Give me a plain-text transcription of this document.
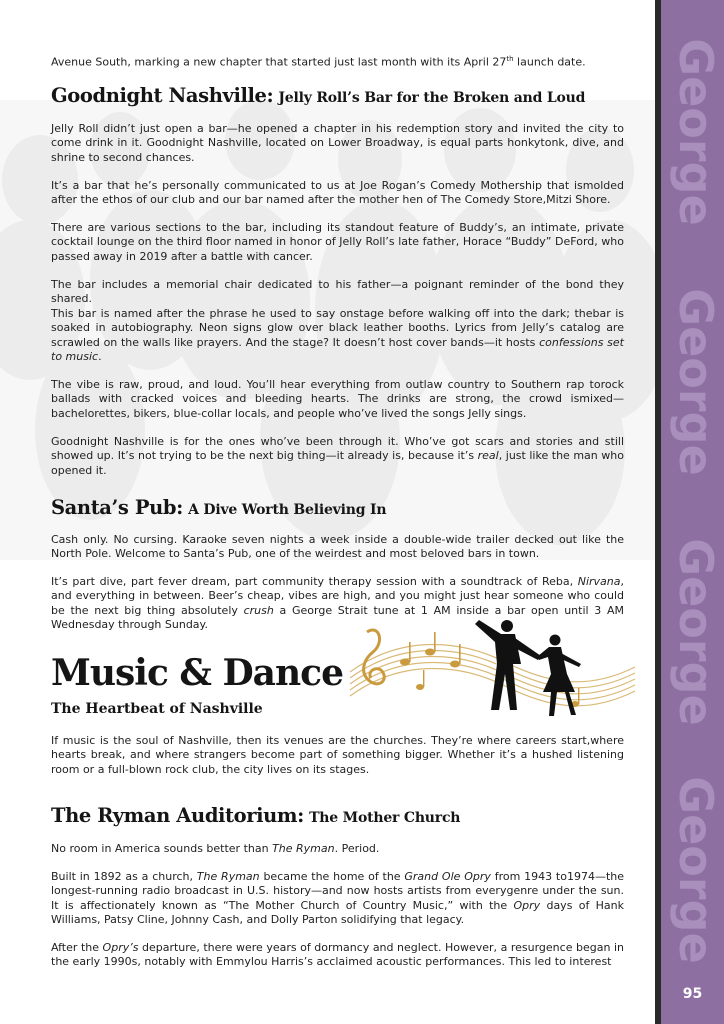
Avenue South, marking a new chapter that started just last month with its April 27th launch date.

Goodnight Nashville: Jelly Roll’s Bar for the Broken and Loud

Jelly Roll didn’t just open a bar—he opened a chapter in his redemption story and invited the city to come drink in it. Goodnight Nashville, located on Lower Broadway, is equal parts honkytonk, dive, and shrine to second chances.

It’s a bar that he’s personally communicated to us at Joe Rogan’s Comedy Mothership that ismolded after the ethos of our club and our bar named after the mother hen of The Comedy Store,Mitzi Shore.

There are various sections to the bar, including its standout feature of Buddy’s, an intimate, private cocktail lounge on the third floor named in honor of Jelly Roll’s late father, Horace “Buddy” DeFord, who passed away in 2019 after a battle with cancer.

The bar includes a memorial chair dedicated to his father—a poignant reminder of the bond they shared.

This bar is named after the phrase he used to say onstage before walking off into the dark; thebar is soaked in autobiography. Neon signs glow over black leather booths. Lyrics from Jelly’s catalog are scrawled on the walls like prayers. And the stage? It doesn’t host cover bands—it hosts confessions set to music.

The vibe is raw, proud, and loud. You’ll hear everything from outlaw country to Southern rap torock ballads with cracked voices and bleeding hearts. The drinks are strong, the crowd ismixed—bachelorettes, bikers, blue-collar locals, and people who’ve lived the songs Jelly sings.

Goodnight Nashville is for the ones who’ve been through it. Who’ve got scars and stories and still showed up. It’s not trying to be the next big thing—it already is, because it’s real, just like the man who opened it.

Santa’s Pub: A Dive Worth Believing In

Cash only. No cursing. Karaoke seven nights a week inside a double-wide trailer decked out like the North Pole. Welcome to Santa’s Pub, one of the weirdest and most beloved bars in town.

It’s part dive, part fever dream, part community therapy session with a soundtrack of Reba, Nirvana, and everything in between. Beer’s cheap, vibes are high, and you might just hear someone who could be the next big thing absolutely crush a George Strait tune at 1 AM inside a bar open until 3 AM Wednesday through Sunday.

Music & Dance
The Heartbeat of Nashville

If music is the soul of Nashville, then its venues are the churches. They’re where careers start,where hearts break, and where strangers become part of something bigger. Whether it’s a hushed listening room or a full-blown rock club, the city lives on its stages.

The Ryman Auditorium: The Mother Church

No room in America sounds better than The Ryman. Period.

Built in 1892 as a church, The Ryman became the home of the Grand Ole Opry from 1943 to1974—the longest-running radio broadcast in U.S. history—and now hosts artists from everygenre under the sun. It is affectionately known as “The Mother Church of Country Music,” with the Opry days of Hank Williams, Patsy Cline, Johnny Cash, and Dolly Parton solidifying that legacy.

After the Opry’s departure, there were years of dormancy and neglect. However, a resurgence began in the early 1990s, notably with Emmylou Harris’s acclaimed acoustic performances. This led to interest

George
George
George
George
95
